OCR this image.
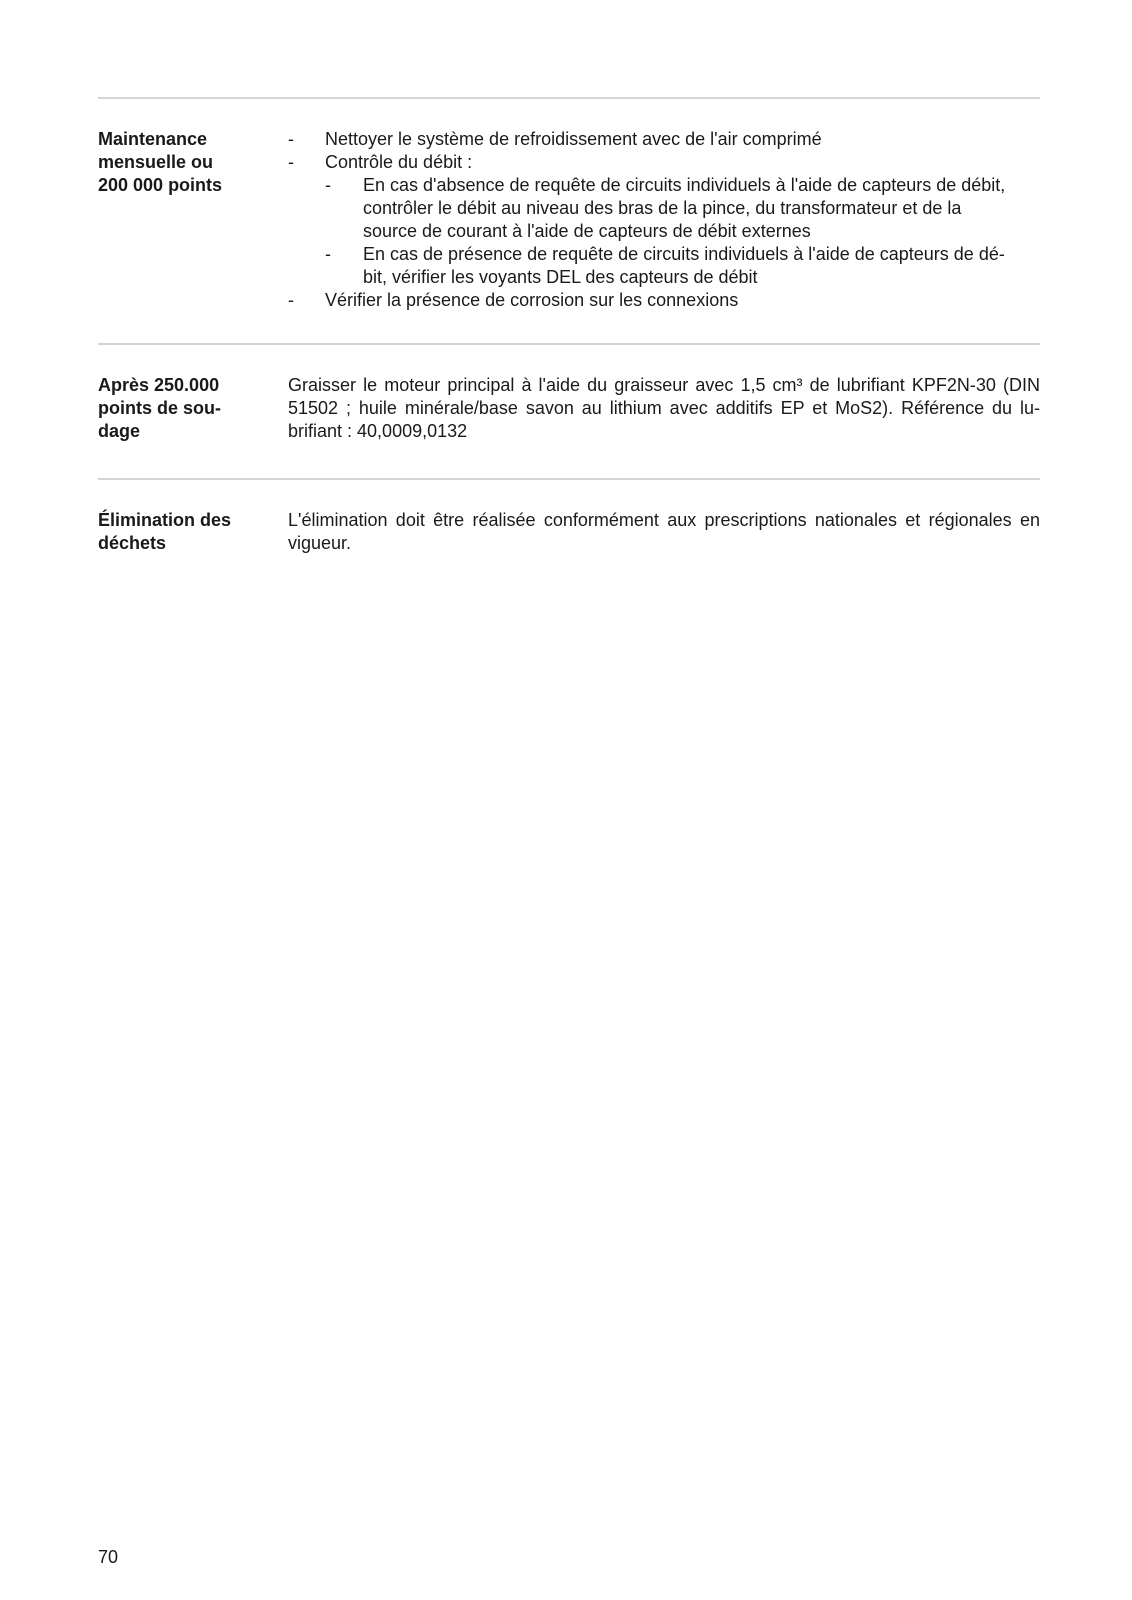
Maintenance
mensuelle ou
200 000 points
- Nettoyer le système de refroidissement avec de l'air comprimé
- Contrôle du débit :
- En cas d'absence de requête de circuits individuels à l'aide de capteurs de débit,
contrôler le débit au niveau des bras de la pince, du transformateur et de la
source de courant à l'aide de capteurs de débit externes
- En cas de présence de requête de circuits individuels à l'aide de capteurs de dé-
bit, vérifier les voyants DEL des capteurs de débit
- Vérifier la présence de corrosion sur les connexions
Après 250.000
points de sou-
dage
Graisser le moteur principal à l'aide du graisseur avec 1,5 cm³ de lubrifiant KPF2N-30 (DIN
51502 ; huile minérale/base savon au lithium avec additifs EP et MoS2). Référence du lu-
brifiant : 40,0009,0132
Élimination des
déchets
L'élimination doit être réalisée conformément aux prescriptions nationales et régionales en
vigueur.
70
